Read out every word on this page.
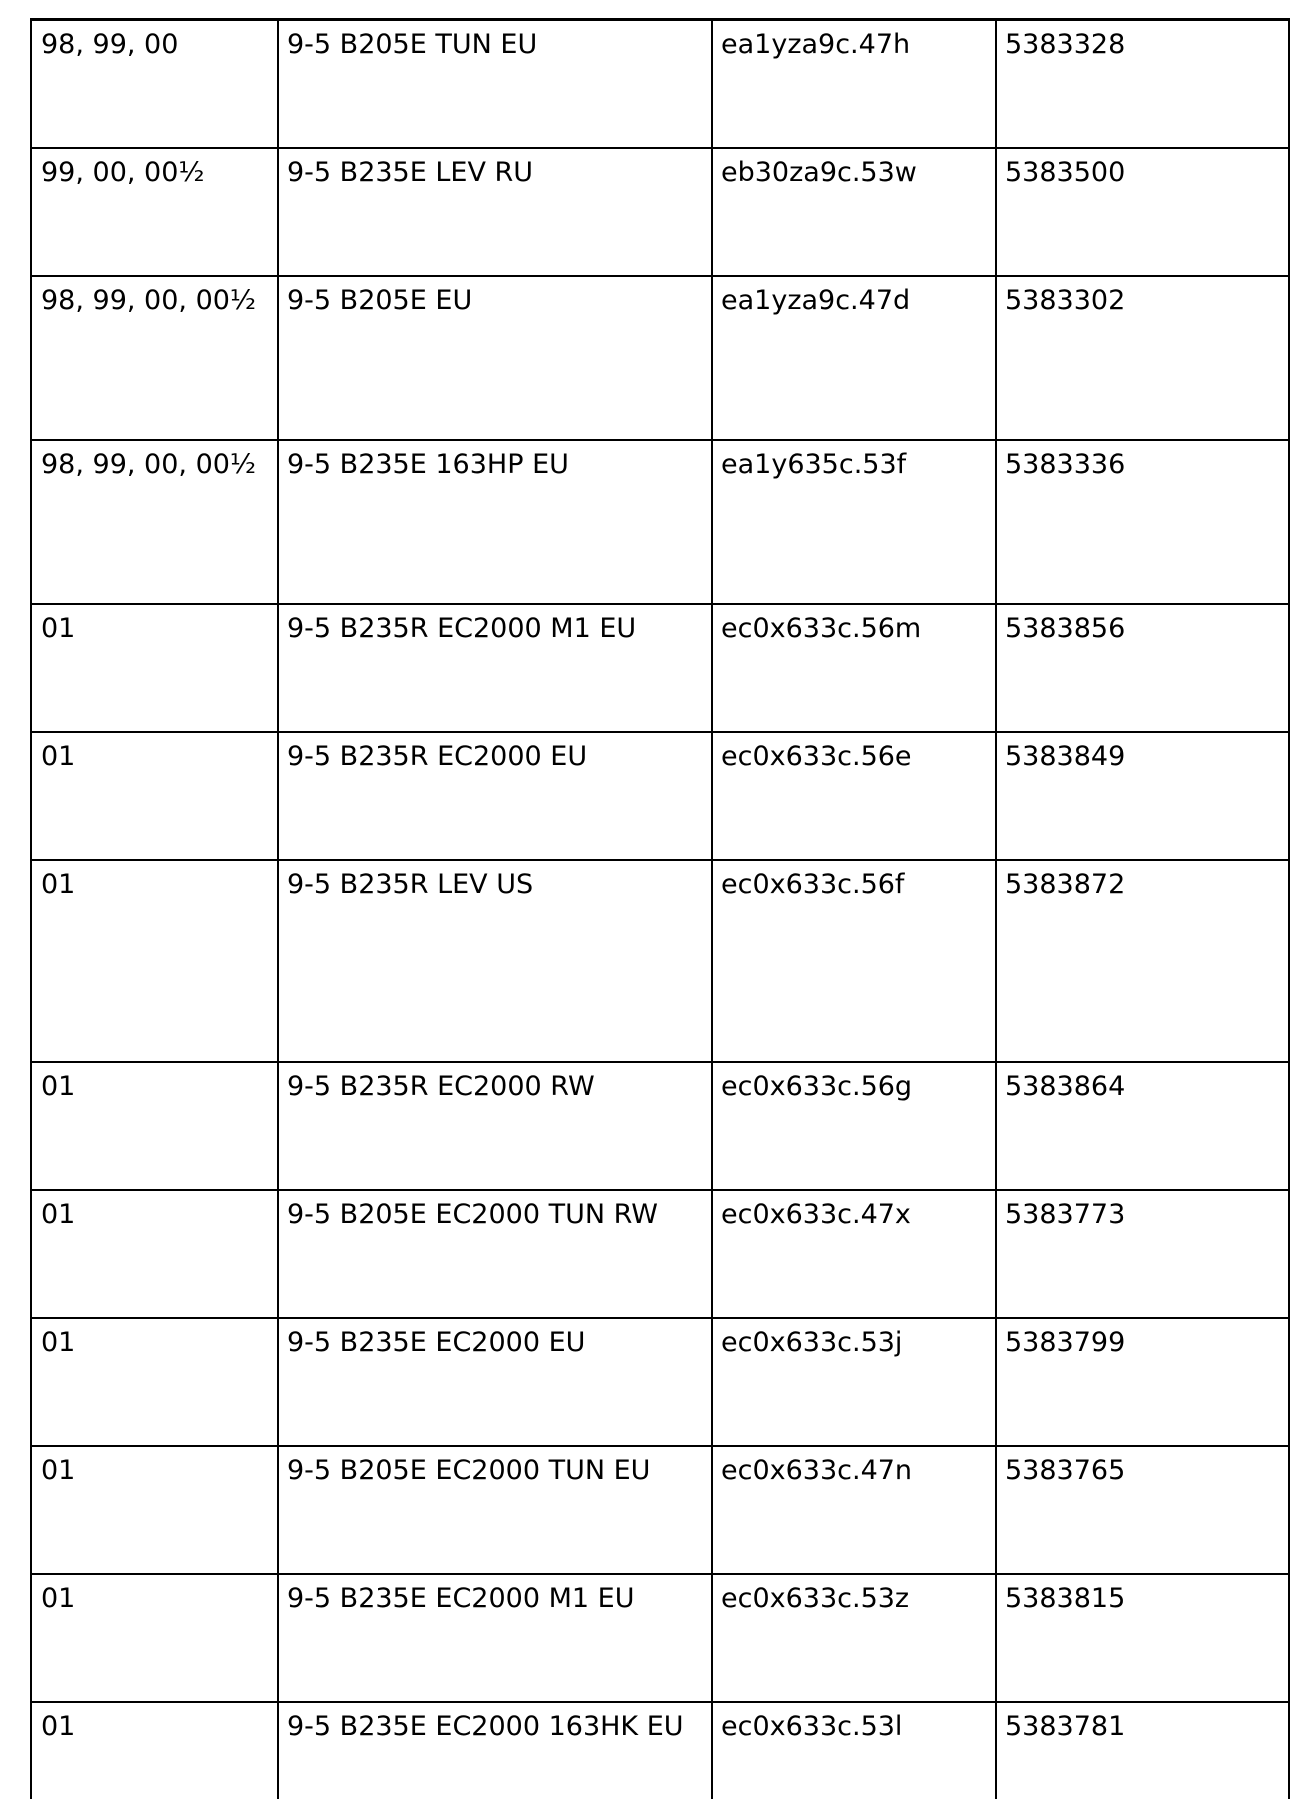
98, 99, 00	9-5 B205E TUN EU	ea1yza9c.47h	5383328
99, 00, 00½	9-5 B235E LEV RU	eb30za9c.53w	5383500
98, 99, 00, 00½	9-5 B205E EU	ea1yza9c.47d	5383302
98, 99, 00, 00½	9-5 B235E 163HP EU	ea1y635c.53f	5383336
01	9-5 B235R EC2000 M1 EU	ec0x633c.56m	5383856
01	9-5 B235R EC2000 EU	ec0x633c.56e	5383849
01	9-5 B235R LEV US	ec0x633c.56f	5383872
01	9-5 B235R EC2000 RW	ec0x633c.56g	5383864
01	9-5 B205E EC2000 TUN RW	ec0x633c.47x	5383773
01	9-5 B235E EC2000 EU	ec0x633c.53j	5383799
01	9-5 B205E EC2000 TUN EU	ec0x633c.47n	5383765
01	9-5 B235E EC2000 M1 EU	ec0x633c.53z	5383815
01	9-5 B235E EC2000 163HK EU	ec0x633c.53l	5383781
